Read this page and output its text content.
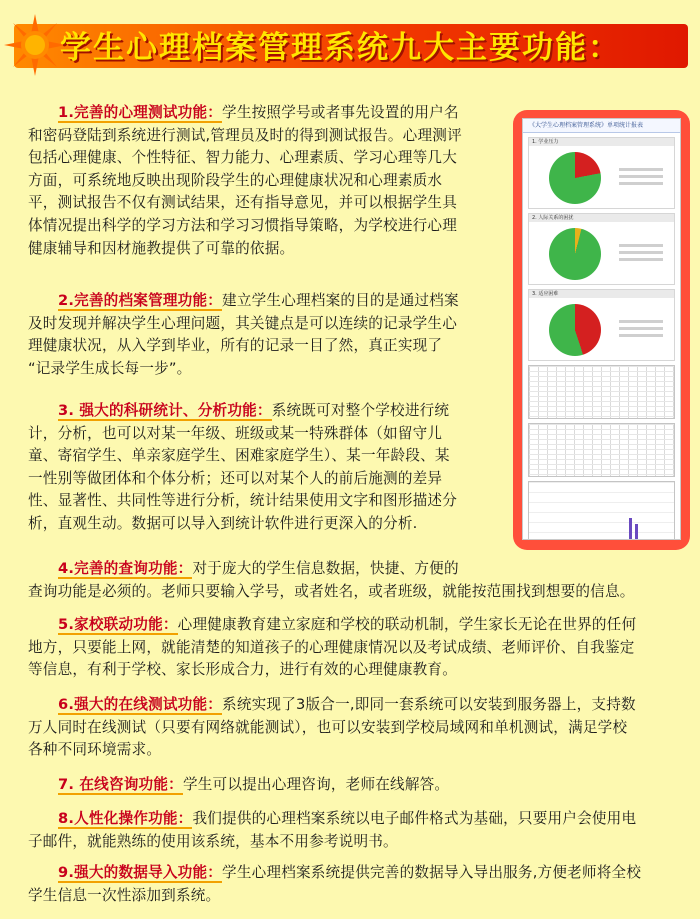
学生心理档案管理系统九大主要功能：
《大学生心理档案管理系统》单项统计报表
1. 学业压力
2. 人际关系的困扰
3. 适应困难
1.完善的心理测试功能：学生按照学号或者事先设置的用户名
和密码登陆到系统进行测试,管理员及时的得到测试报告。心理测评
包括心理健康、个性特征、智力能力、心理素质、学习心理等几大
方面，可系统地反映出现阶段学生的心理健康状况和心理素质水
平，测试报告不仅有测试结果，还有指导意见，并可以根据学生具
体情况提出科学的学习方法和学习习惯指导策略，为学校进行心理
健康辅导和因材施教提供了可靠的依据。
2.完善的档案管理功能：建立学生心理档案的目的是通过档案
及时发现并解决学生心理问题，其关键点是可以连续的记录学生心
理健康状况，从入学到毕业，所有的记录一目了然，真正实现了
“记录学生成长每一步”。
3. 强大的科研统计、分析功能：系统既可对整个学校进行统
计，分析，也可以对某一年级、班级或某一特殊群体（如留守儿
童、寄宿学生、单亲家庭学生、困难家庭学生）、某一年龄段、某
一性别等做团体和个体分析；还可以对某个人的前后施测的差异
性、显著性、共同性等进行分析，统计结果使用文字和图形描述分
析，直观生动。数据可以导入到统计软件进行更深入的分析.
4.完善的查询功能：对于庞大的学生信息数据，快捷、方便的
查询功能是必须的。老师只要输入学号，或者姓名，或者班级，就能按范围找到想要的信息。
5.家校联动功能：心理健康教育建立家庭和学校的联动机制，学生家长无论在世界的任何
地方，只要能上网，就能清楚的知道孩子的心理健康情况以及考试成绩、老师评价、自我鉴定
等信息，有利于学校、家长形成合力，进行有效的心理健康教育。
6.强大的在线测试功能：系统实现了3版合一,即同一套系统可以安装到服务器上，支持数
万人同时在线测试（只要有网络就能测试），也可以安装到学校局域网和单机测试，满足学校
各种不同环境需求。
7. 在线咨询功能：学生可以提出心理咨询，老师在线解答。
8.人性化操作功能：我们提供的心理档案系统以电子邮件格式为基础，只要用户会使用电
子邮件，就能熟练的使用该系统，基本不用参考说明书。
9.强大的数据导入功能：学生心理档案系统提供完善的数据导入导出服务,方便老师将全校
学生信息一次性添加到系统。
